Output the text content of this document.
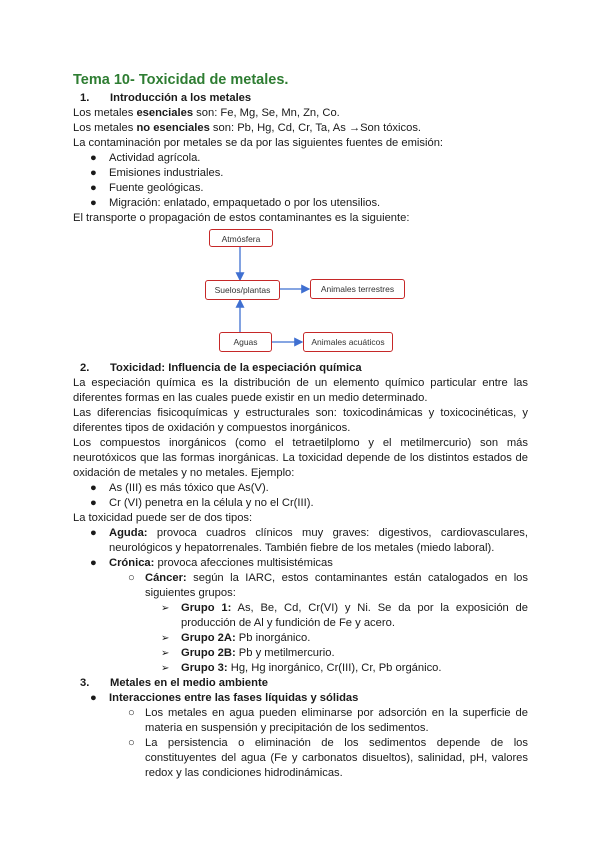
Tema 10- Toxicidad de metales.

1. Introducción a los metales

Los metales esenciales son: Fe, Mg, Se, Mn, Zn, Co.

Los metales no esenciales son: Pb, Hg, Cd, Cr, Ta, As →Son tóxicos.

La contaminación por metales se da por las siguientes fuentes de emisión:

● Actividad agrícola.
● Emisiones industriales.
● Fuente geológicas.
● Migración: enlatado, empaquetado o por los utensilios.

El transporte o propagación de estos contaminantes es la siguiente:

Atmósfera
Suelos/plantas	Animales terrestres
Aguas	Animales acuáticos

2. Toxicidad: Influencia de la especiación química

La especiación química es la distribución de un elemento químico particular entre las diferentes formas en las cuales puede existir en un medio determinado.

Las diferencias fisicoquímicas y estructurales son: toxicodinámicas y toxicocinéticas, y diferentes tipos de oxidación y compuestos inorgánicos.

Los compuestos inorgánicos (como el tetraetilplomo y el metilmercurio) son más neurotóxicos que las formas inorgánicas. La toxicidad depende de los distintos estados de oxidación de metales y no metales. Ejemplo:

● As (III) es más tóxico que As(V).
● Cr (VI) penetra en la célula y no el Cr(III).

La toxicidad puede ser de dos tipos:

● Aguda: provoca cuadros clínicos muy graves: digestivos, cardiovasculares, neurológicos y hepatorrenales. También fiebre de los metales (miedo laboral).
● Crónica: provoca afecciones multisistémicas
○ Cáncer: según la IARC, estos contaminantes están catalogados en los siguientes grupos:
➢ Grupo 1: As, Be, Cd, Cr(VI) y Ni. Se da por la exposición de producción de Al y fundición de Fe y acero.
➢ Grupo 2A: Pb inorgánico.
➢ Grupo 2B: Pb y metilmercurio.
➢ Grupo 3: Hg, Hg inorgánico, Cr(III), Cr, Pb orgánico.

3. Metales en el medio ambiente

● Interacciones entre las fases líquidas y sólidas
○ Los metales en agua pueden eliminarse por adsorción en la superficie de materia en suspensión y precipitación de los sedimentos.
○ La persistencia o eliminación de los sedimentos depende de los constituyentes del agua (Fe y carbonatos disueltos), salinidad, pH, valores redox y las condiciones hidrodinámicas.
